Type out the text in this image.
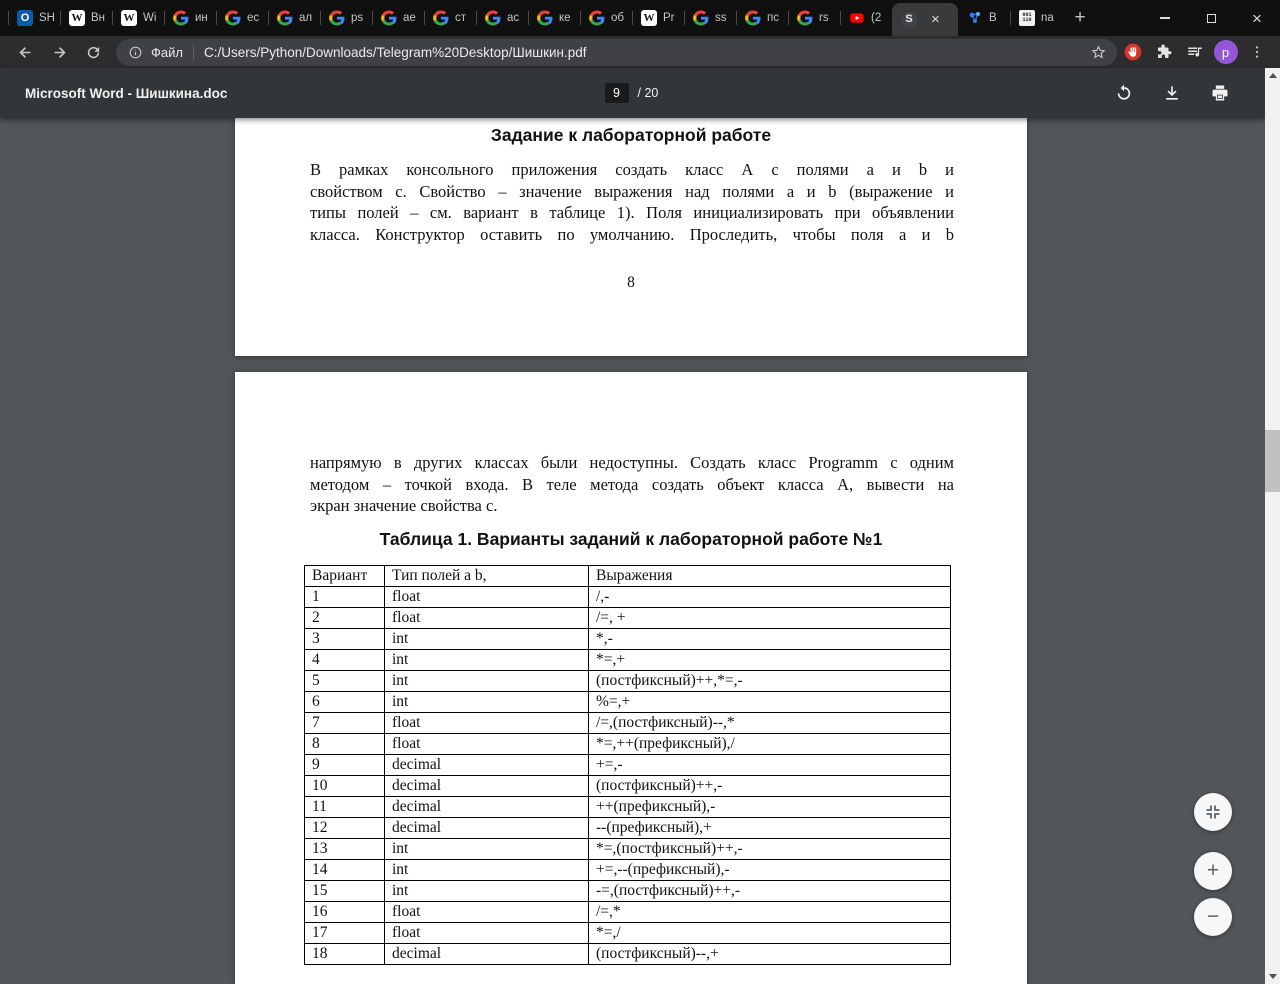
O SH W Вн W Wi	ин	ес	ал	ps	ае	ст	ас	ке	об W Pr	ss	пс	rs	(2	S ×	В	001
110 na	+	×
Файл C:/Users/Python/Downloads/Telegram%20Desktop/Шишкин.pdf	p
Microsoft Word - Шишкина.doc
9	/ 20
Задание к лабораторной работе
В рамках консольного приложения создать класс А с полями a и b и
свойством c. Свойство – значение выражения над полями a и b (выражение и
типы полей – см. вариант в таблице 1). Поля инициализировать при объявлении
класса. Конструктор оставить по умолчанию. Проследить, чтобы поля a и b
8
напрямую в других классах были недоступны. Создать класс Programm с одним
методом – точкой входа. В теле метода создать объект класса А, вывести на
экран значение свойства c.
Таблица 1. Варианты заданий к лабораторной работе №1
Вариант	Тип полей a b,	Выражения
1	float	/,-
2	float	/=, +
3	int	*,-
4	int	*=,+
5	int	(постфиксный)++,*=,-
6	int	%=,+
7	float	/=,(постфиксный)--,*
8	float	*=,++(префиксный),/
9	decimal	+=,-
10	decimal	(постфиксный)++,-
11	decimal	++(префиксный),-
12	decimal	--(префиксный),+
13	int	*=,(постфиксный)++,-
14	int	+=,--(префиксный),-
15	int	-=,(постфиксный)++,-
16	float	/=,*
17	float	*=,/
18	decimal	(постфиксный)--,+
+
−
